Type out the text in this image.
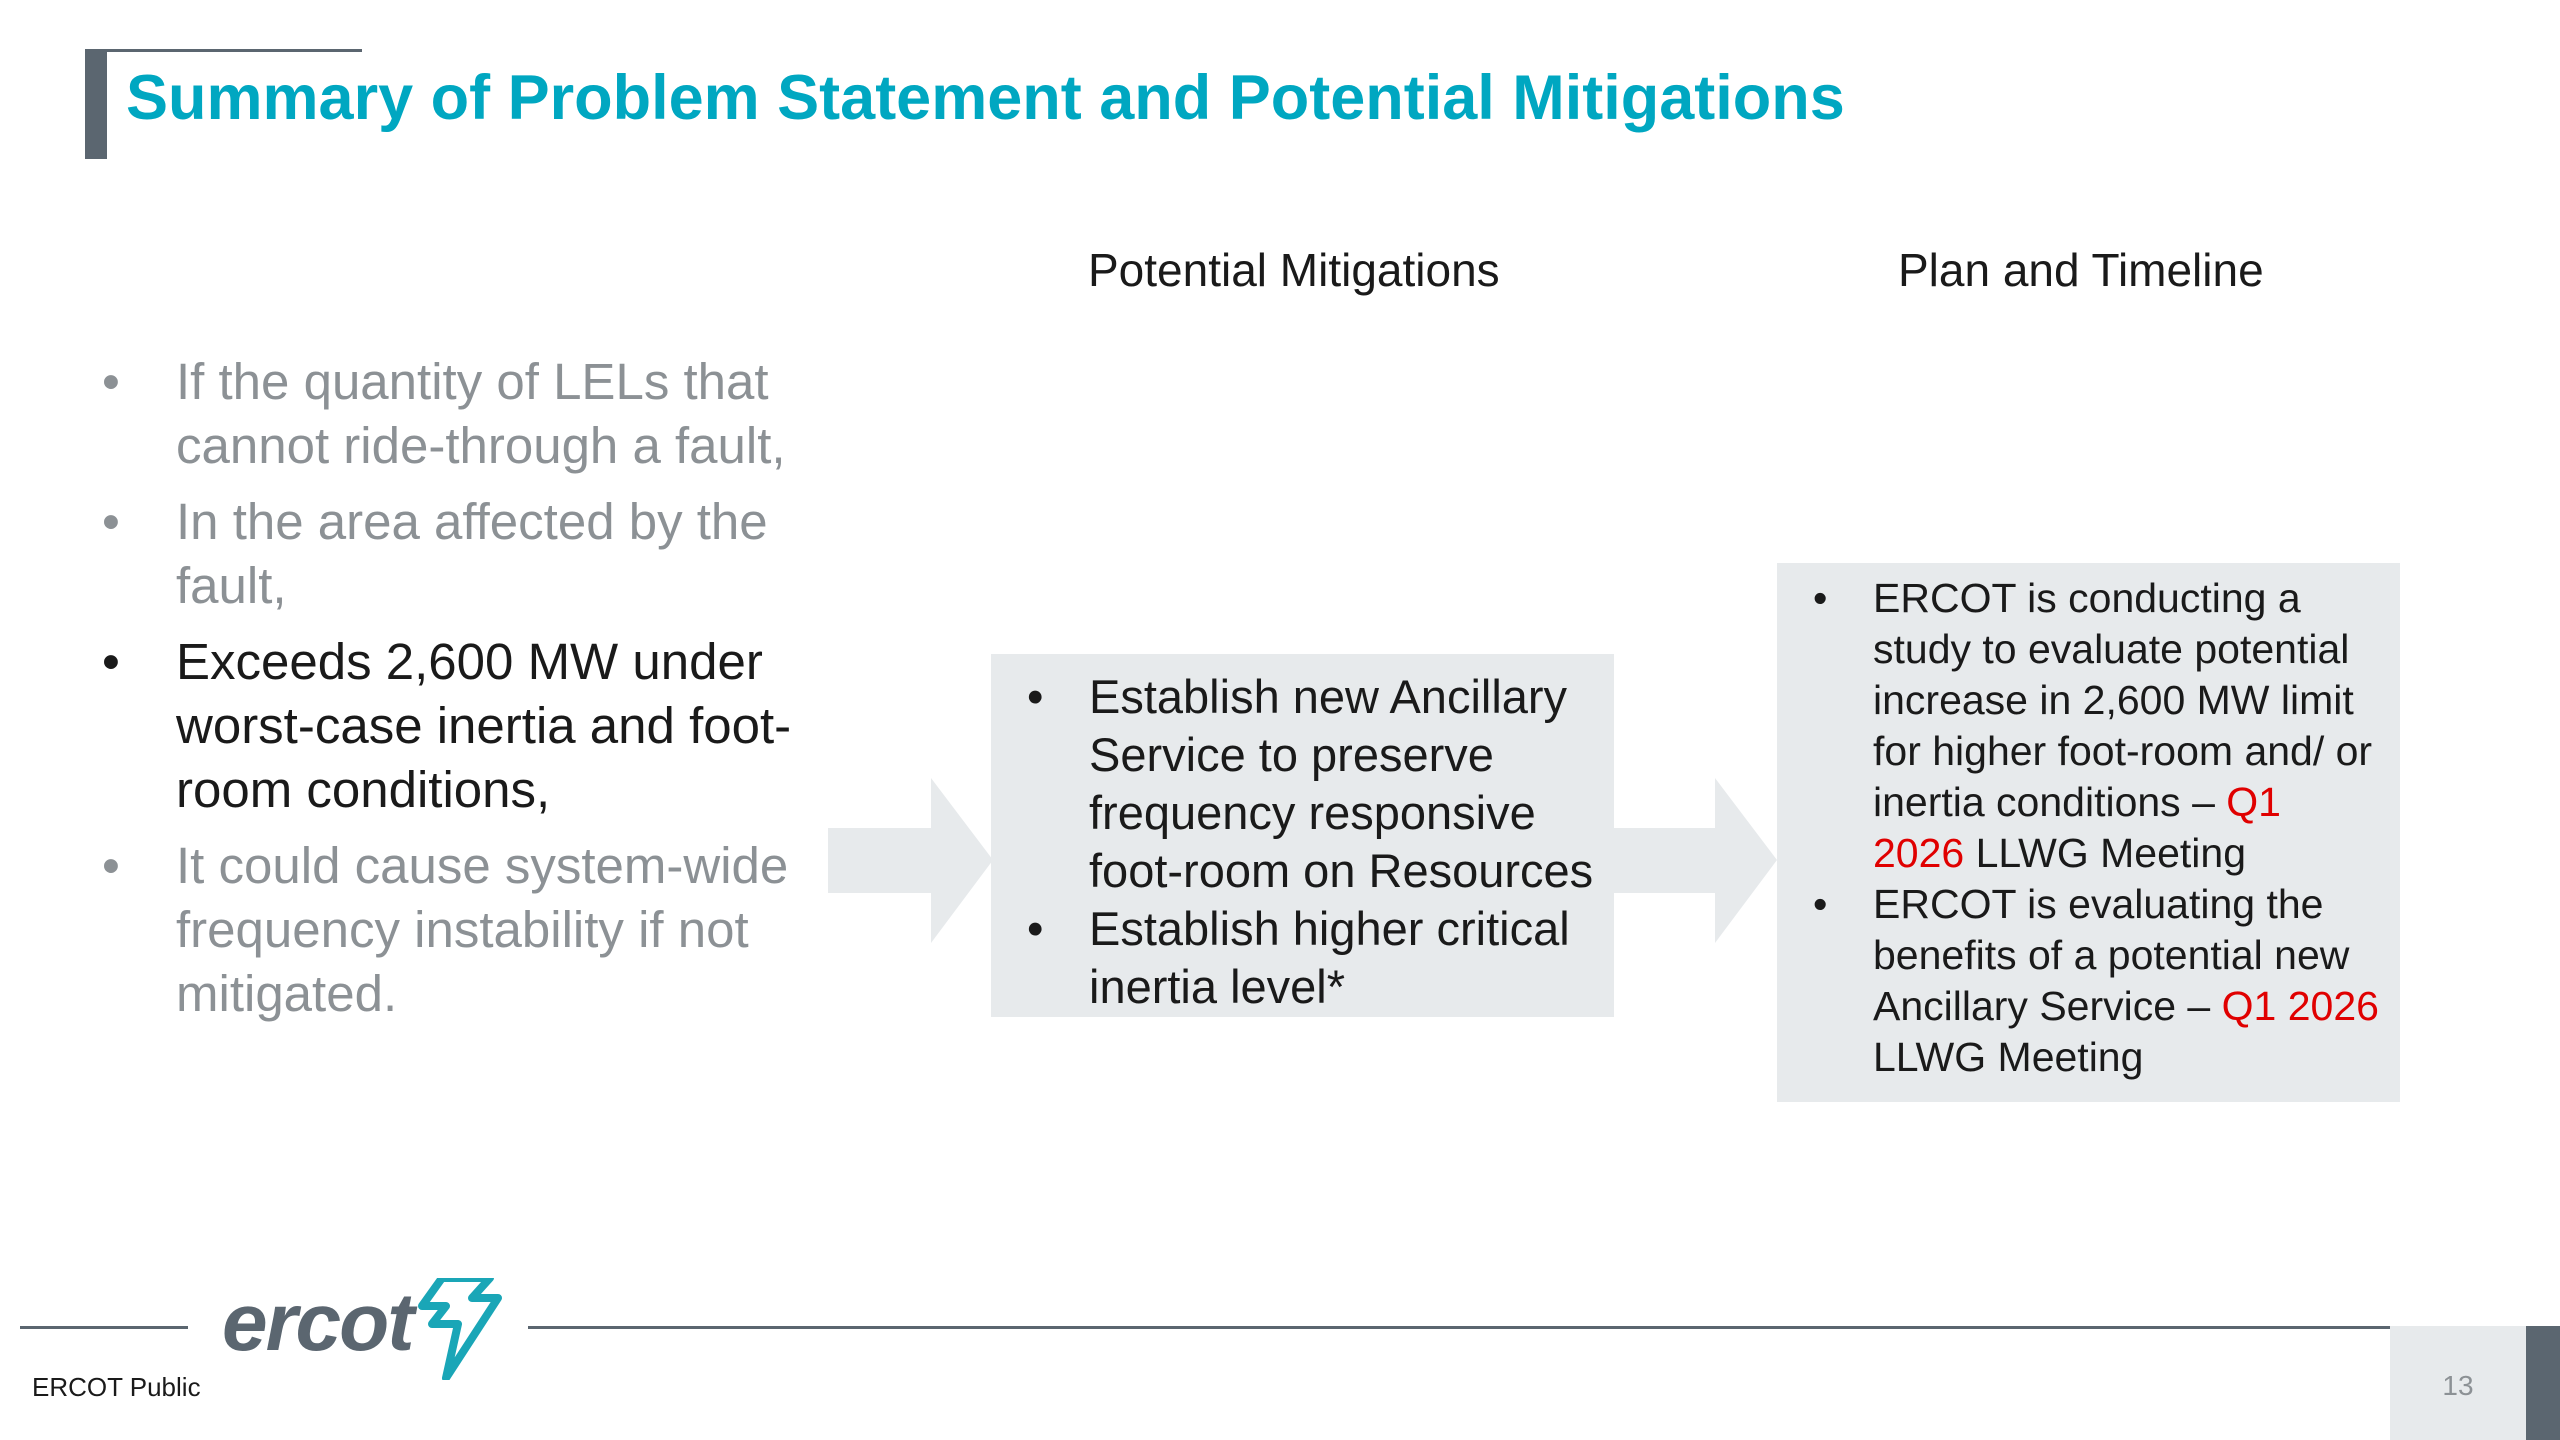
Summary of Problem Statement and Potential Mitigations
Potential Mitigations	Plan and Timeline
• If the quantity of LELs that cannot ride-through a fault,
• In the area affected by the fault,
• Exceeds 2,600 MW under worst-case inertia and foot-room conditions,
• It could cause system-wide frequency instability if not mitigated.
• Establish new Ancillary Service to preserve frequency responsive foot-room on Resources
• Establish higher critical inertia level*
• ERCOT is conducting a study to evaluate potential increase in 2,600 MW limit for higher foot-room and/ or inertia conditions – Q1 2026 LLWG Meeting
• ERCOT is evaluating the benefits of a potential new Ancillary Service – Q1 2026 LLWG Meeting
ercot
ERCOT Public	13
